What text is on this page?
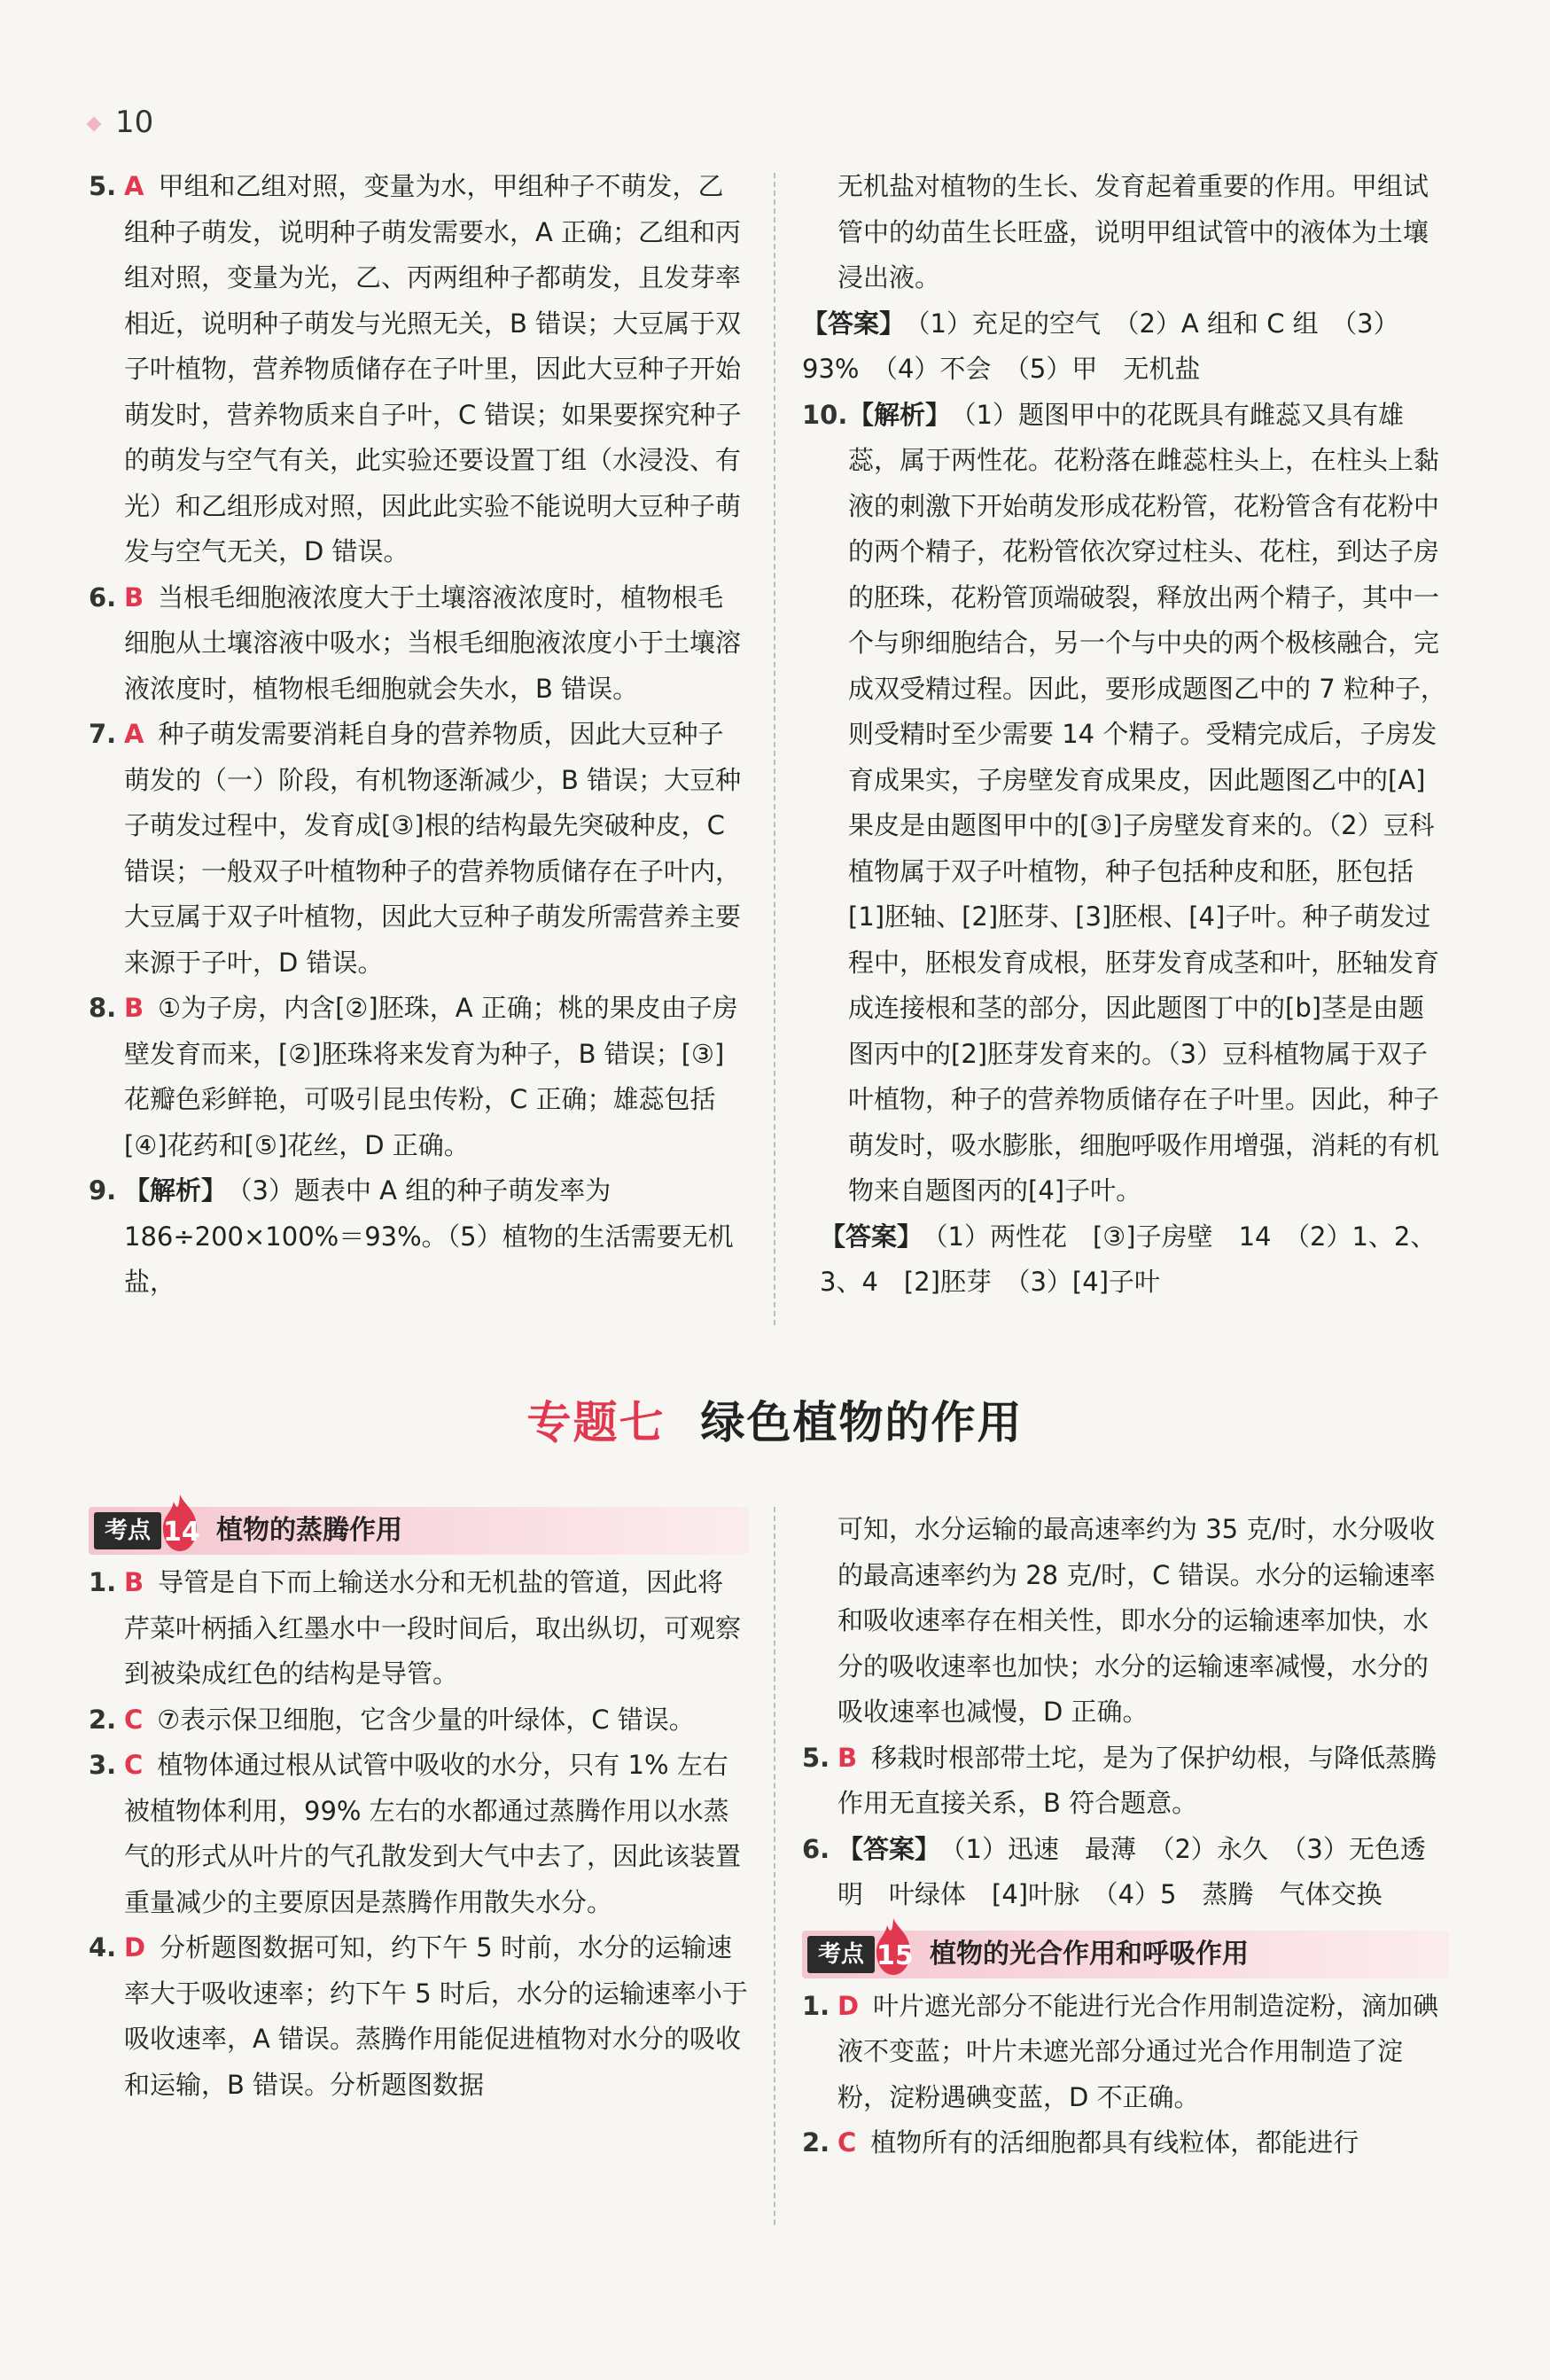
10

5. A 甲组和乙组对照，变量为水，甲组种子不萌发，乙组种子萌发，说明种子萌发需要水，A 正确；乙组和丙组对照，变量为光，乙、丙两组种子都萌发，且发芽率相近，说明种子萌发与光照无关，B 错误；大豆属于双子叶植物，营养物质储存在子叶里，因此大豆种子开始萌发时，营养物质来自子叶，C 错误；如果要探究种子的萌发与空气有关，此实验还要设置丁组（水浸没、有光）和乙组形成对照，因此此实验不能说明大豆种子萌发与空气无关，D 错误。

6. B 当根毛细胞液浓度大于土壤溶液浓度时，植物根毛细胞从土壤溶液中吸水；当根毛细胞液浓度小于土壤溶液浓度时，植物根毛细胞就会失水，B 错误。

7. A 种子萌发需要消耗自身的营养物质，因此大豆种子萌发的（一）阶段，有机物逐渐减少，B 错误；大豆种子萌发过程中，发育成[③]根的结构最先突破种皮，C 错误；一般双子叶植物种子的营养物质储存在子叶内，大豆属于双子叶植物，因此大豆种子萌发所需营养主要来源于子叶，D 错误。

8. B ①为子房，内含[②]胚珠，A 正确；桃的果皮由子房壁发育而来，[②]胚珠将来发育为种子，B 错误；[③]花瓣色彩鲜艳，可吸引昆虫传粉，C 正确；雄蕊包括[④]花药和[⑤]花丝，D 正确。

9. 【解析】 （3）题表中 A 组的种子萌发率为 186÷200×100%＝93%。（5）植物的生活需要无机盐，

无机盐对植物的生长、发育起着重要的作用。甲组试管中的幼苗生长旺盛，说明甲组试管中的液体为土壤浸出液。

【答案】 （1）充足的空气　（2）A 组和 C 组　（3）93%　（4）不会　（5）甲　无机盐

10. 【解析】 （1）题图甲中的花既具有雌蕊又具有雄蕊，属于两性花。花粉落在雌蕊柱头上，在柱头上黏液的刺激下开始萌发形成花粉管，花粉管含有花粉中的两个精子，花粉管依次穿过柱头、花柱，到达子房的胚珠，花粉管顶端破裂，释放出两个精子，其中一个与卵细胞结合，另一个与中央的两个极核融合，完成双受精过程。因此，要形成题图乙中的 7 粒种子，则受精时至少需要 14 个精子。受精完成后，子房发育成果实，子房壁发育成果皮，因此题图乙中的[A]果皮是由题图甲中的[③]子房壁发育来的。（2）豆科植物属于双子叶植物，种子包括种皮和胚，胚包括[1]胚轴、[2]胚芽、[3]胚根、[4]子叶。种子萌发过程中，胚根发育成根，胚芽发育成茎和叶，胚轴发育成连接根和茎的部分，因此题图丁中的[b]茎是由题图丙中的[2]胚芽发育来的。（3）豆科植物属于双子叶植物，种子的营养物质储存在子叶里。因此，种子萌发时，吸水膨胀，细胞呼吸作用增强，消耗的有机物来自题图丙的[4]子叶。

【答案】 （1）两性花　[③]子房壁　14　（2）1、2、3、4　[2]胚芽　（3）[4]子叶

专题七 绿色植物的作用
考点 14 植物的蒸腾作用

1. B 导管是自下而上输送水分和无机盐的管道，因此将芹菜叶柄插入红墨水中一段时间后，取出纵切，可观察到被染成红色的结构是导管。

2. C ⑦表示保卫细胞，它含少量的叶绿体，C 错误。

3. C 植物体通过根从试管中吸收的水分，只有 1% 左右被植物体利用，99% 左右的水都通过蒸腾作用以水蒸气的形式从叶片的气孔散发到大气中去了，因此该装置重量减少的主要原因是蒸腾作用散失水分。

4. D 分析题图数据可知，约下午 5 时前，水分的运输速率大于吸收速率；约下午 5 时后，水分的运输速率小于吸收速率，A 错误。蒸腾作用能促进植物对水分的吸收和运输，B 错误。分析题图数据

可知，水分运输的最高速率约为 35 克/时，水分吸收的最高速率约为 28 克/时，C 错误。水分的运输速率和吸收速率存在相关性，即水分的运输速率加快，水分的吸收速率也加快；水分的运输速率减慢，水分的吸收速率也减慢，D 正确。

5. B 移栽时根部带土坨，是为了保护幼根，与降低蒸腾作用无直接关系，B 符合题意。

6. 【答案】 （1）迅速　最薄　（2）永久　（3）无色透明　叶绿体　[4]叶脉　（4）5　蒸腾　气体交换

考点 15 植物的光合作用和呼吸作用

1. D 叶片遮光部分不能进行光合作用制造淀粉，滴加碘液不变蓝；叶片未遮光部分通过光合作用制造了淀粉，淀粉遇碘变蓝，D 不正确。

2. C 植物所有的活细胞都具有线粒体，都能进行
